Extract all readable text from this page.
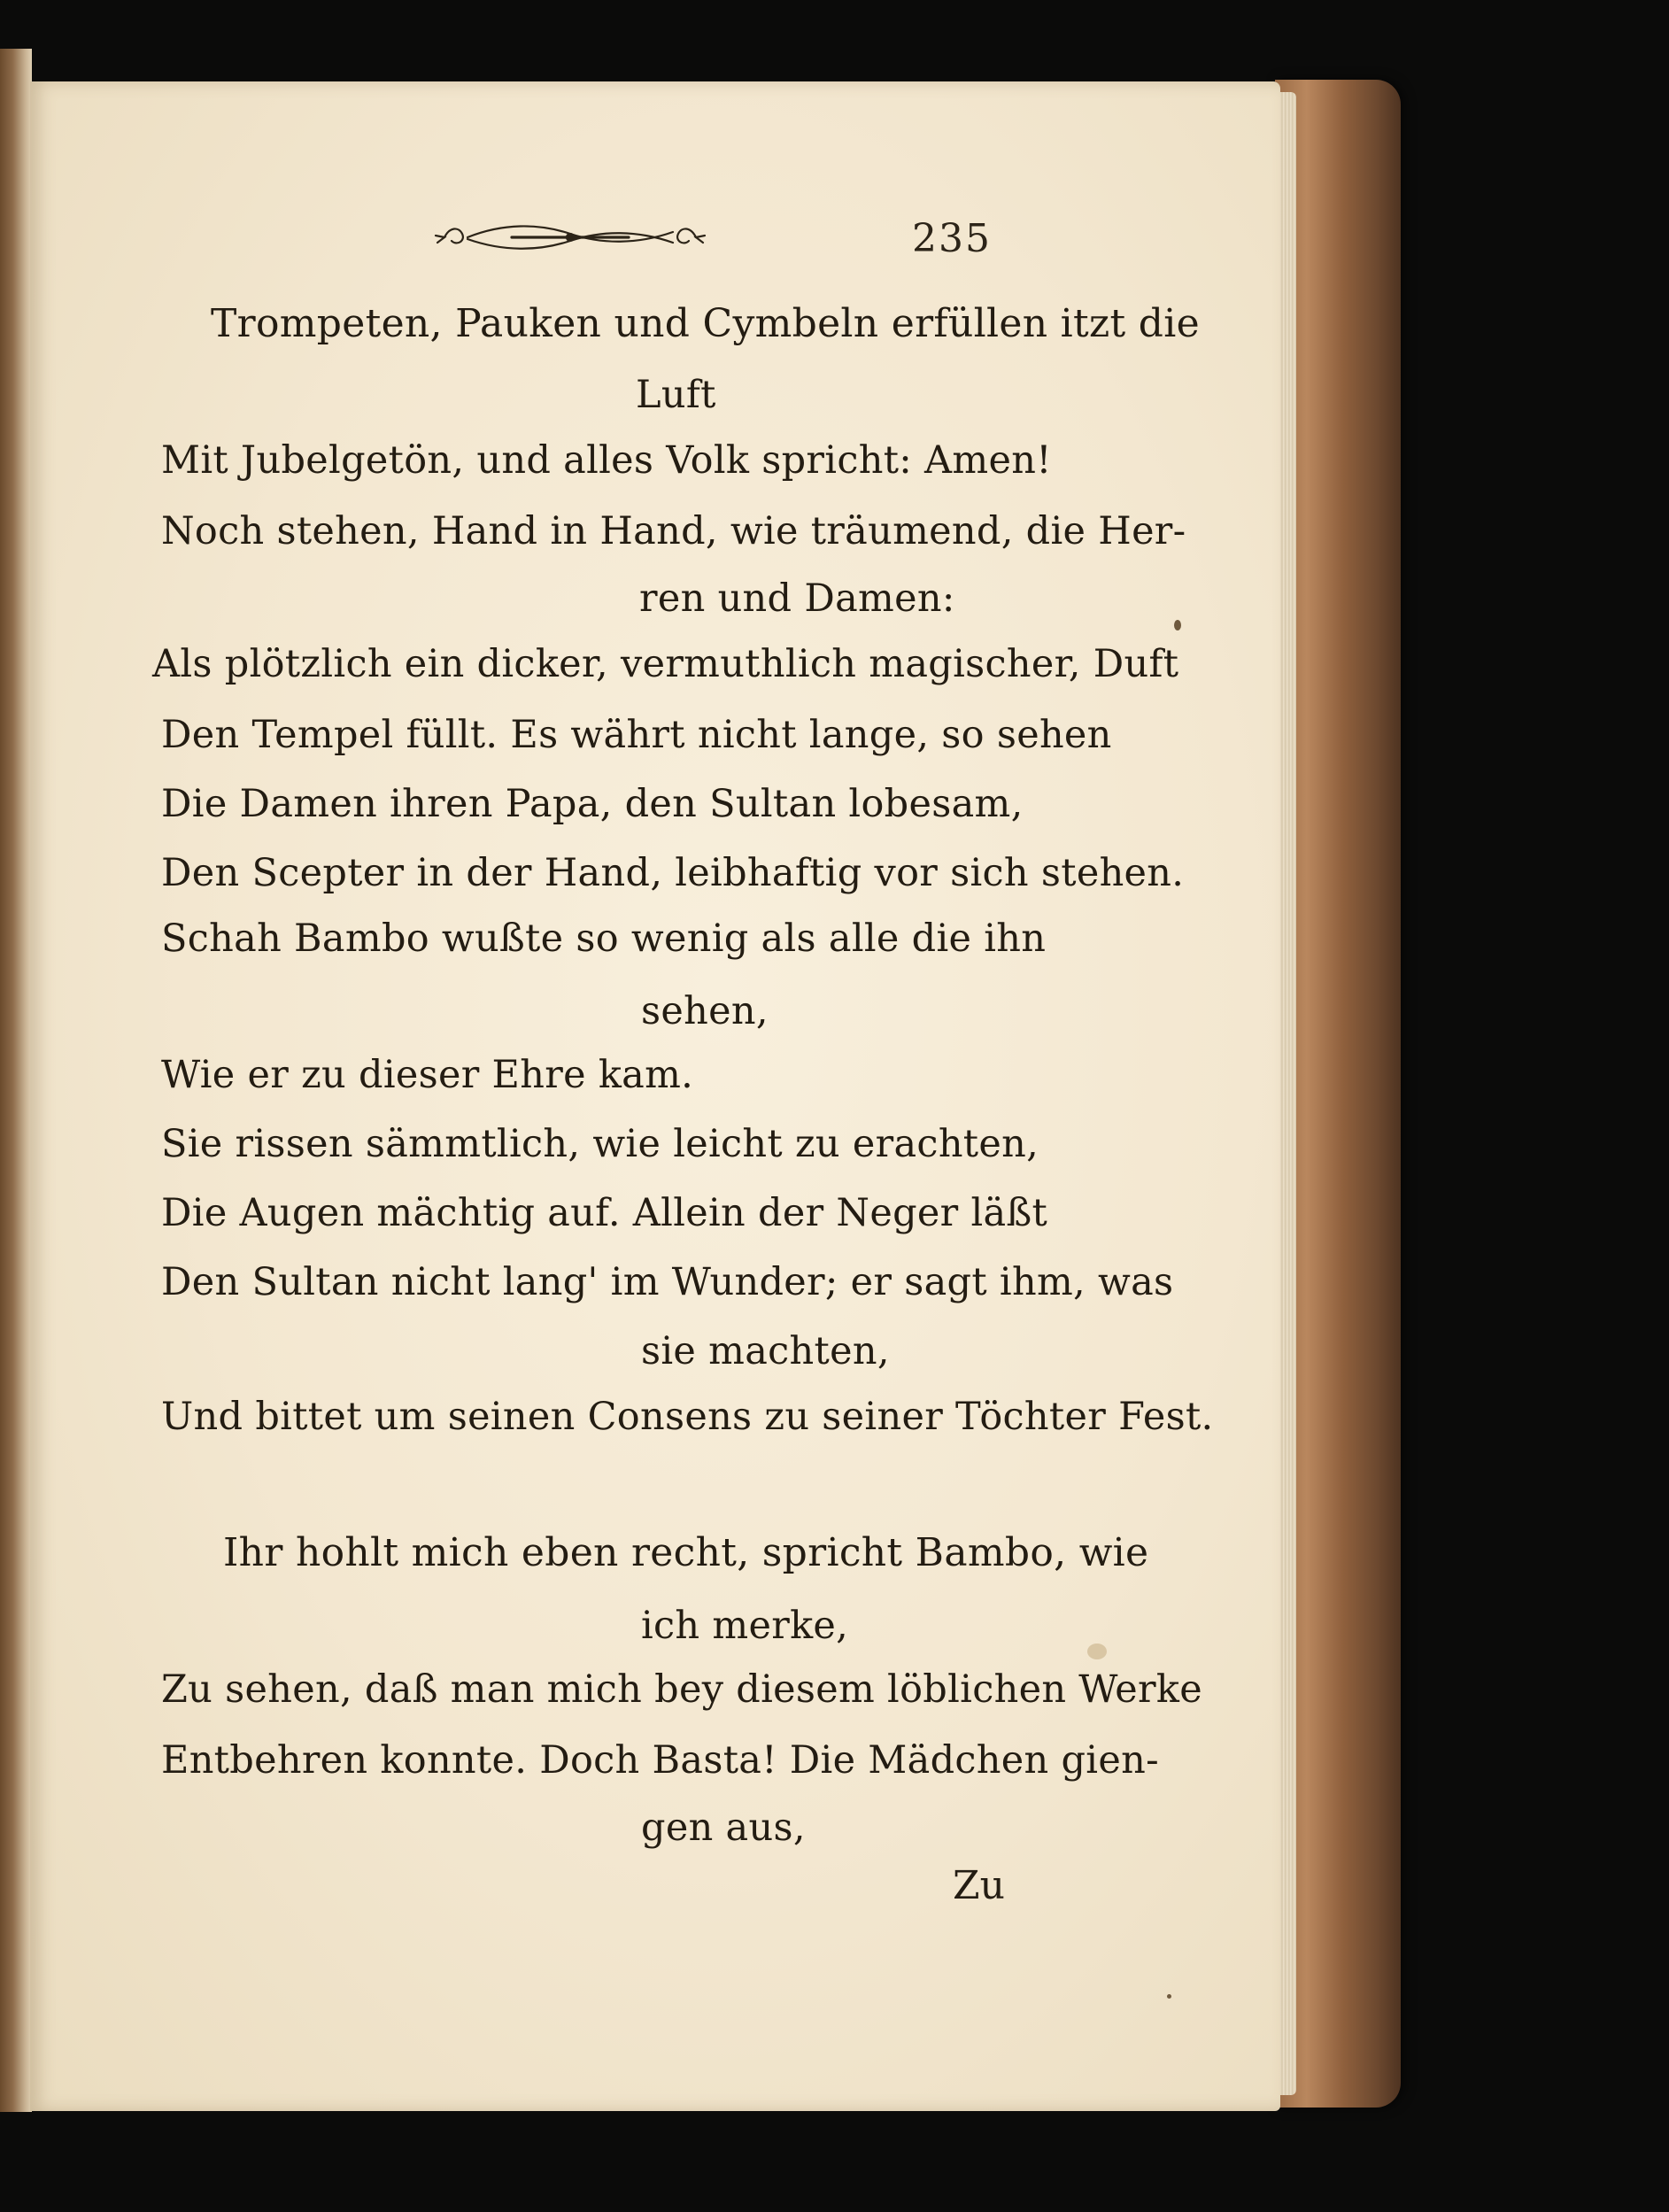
235

Trompeten, Pauken und Cymbeln erfüllen itzt die

Luft

Mit Jubelgetön, und alles Volk spricht: Amen!

Noch stehen, Hand in Hand, wie träumend, die Her-

ren und Damen:

Als plötzlich ein dicker, vermuthlich magischer, Duft

Den Tempel füllt. Es währt nicht lange, so sehen

Die Damen ihren Papa, den Sultan lobesam,

Den Scepter in der Hand, leibhaftig vor sich stehen.

Schah Bambo wußte so wenig als alle die ihn

sehen,

Wie er zu dieser Ehre kam.

Sie rissen sämmtlich, wie leicht zu erachten,

Die Augen mächtig auf. Allein der Neger läßt

Den Sultan nicht lang' im Wunder; er sagt ihm, was

sie machten,

Und bittet um seinen Consens zu seiner Töchter Fest.

Ihr hohlt mich eben recht, spricht Bambo, wie

ich merke,

Zu sehen, daß man mich bey diesem löblichen Werke

Entbehren konnte. Doch Basta! Die Mädchen gien-

gen aus,

Zu
